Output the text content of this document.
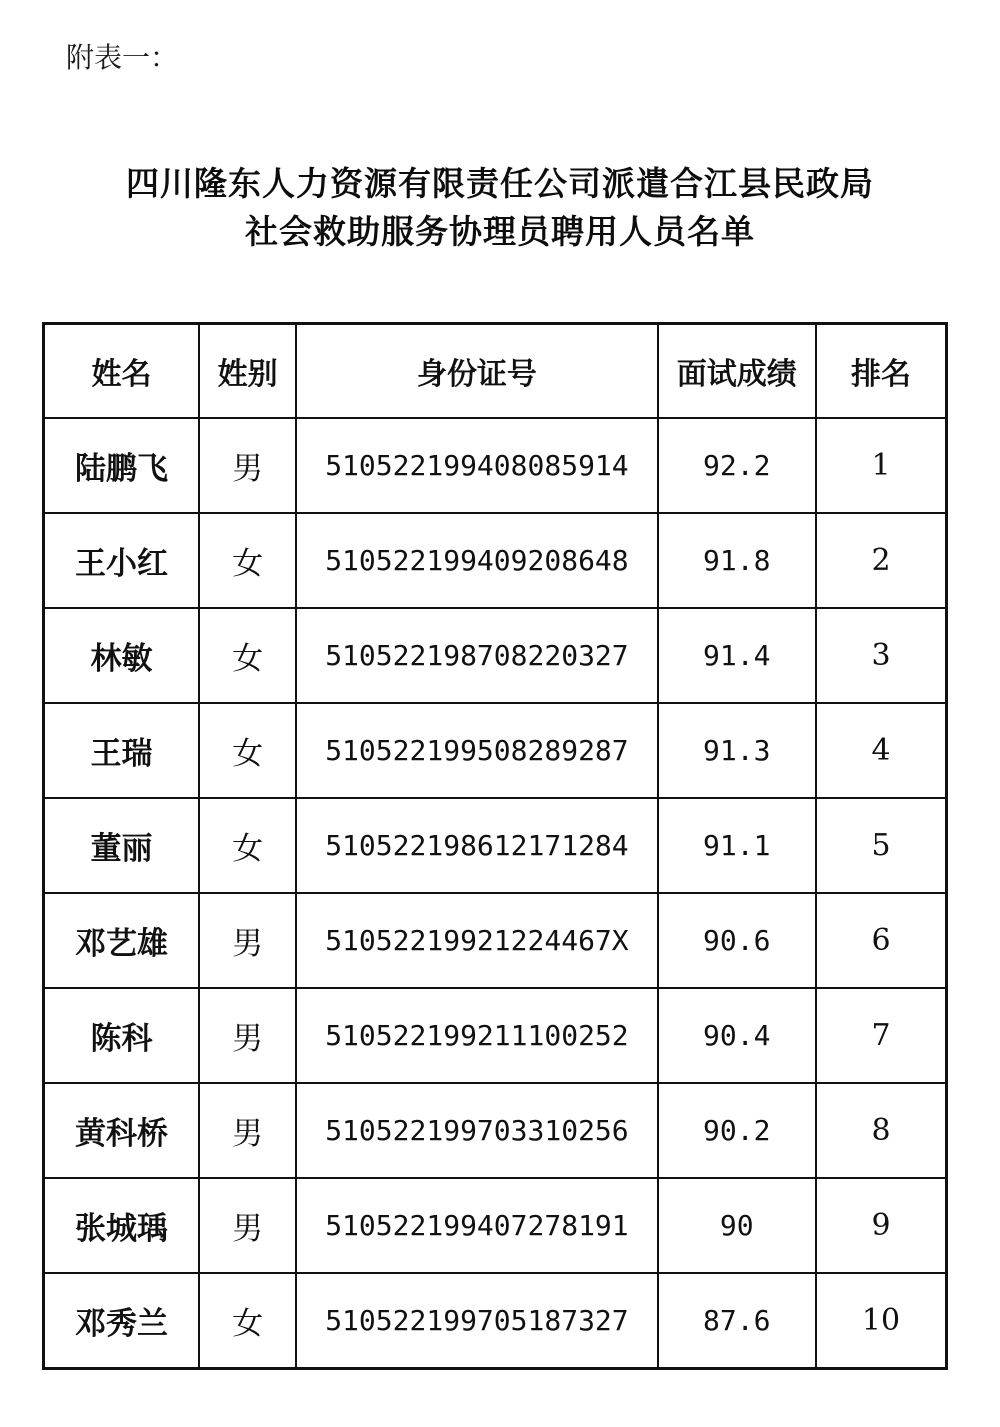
附表一：
四川隆东人力资源有限责任公司派遣合江县民政局
社会救助服务协理员聘用人员名单
姓名	姓别	身份证号	面试成绩	排名
陆鹏飞	男	510522199408085914	92.2	1
王小红	女	510522199409208648	91.8	2
林敏	女	510522198708220327	91.4	3
王瑞	女	510522199508289287	91.3	4
董丽	女	510522198612171284	91.1	5
邓艺雄	男	51052219921224467X	90.6	6
陈科	男	510522199211100252	90.4	7
黄科桥	男	510522199703310256	90.2	8
张城瑀	男	510522199407278191	90	9
邓秀兰	女	510522199705187327	87.6	10
